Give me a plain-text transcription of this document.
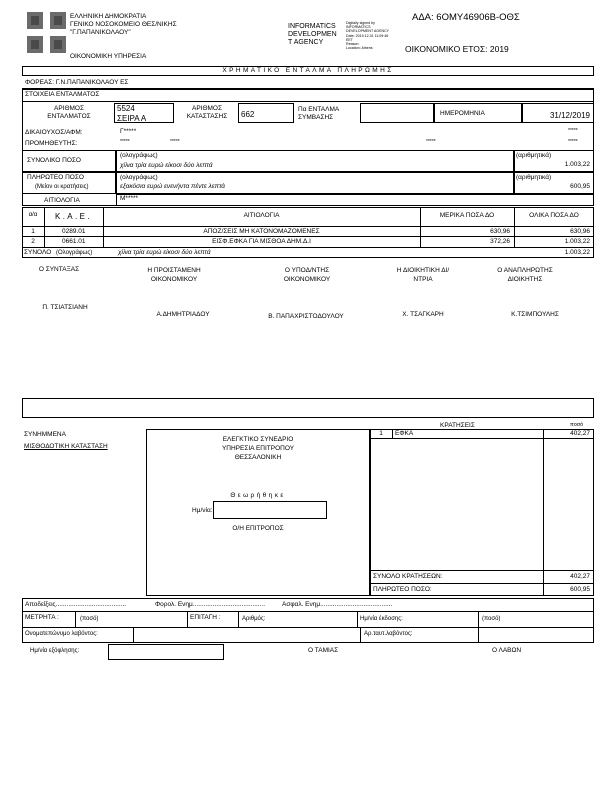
ΕΛΛΗΝΙΚΗ ΔΗΜΟΚΡΑΤΙΑ
ΓΕΝΙΚΟ ΝΟΣΟΚΟΜΕΙΟ ΘΕΣ/ΝΙΚΗΣ
"Γ.ΠΑΠΑΝΙΚΟΛΑΟΥ"
ΟΙΚΟΝΟΜΙΚΗ ΥΠΗΡΕΣΙΑ
INFORMATICS
DEVELOPMEN
T AGENCY
Digitally signed by
INFORMATICS
DEVELOPMENT AGENCY
Date: 2019.12.31 11:09:46
EET
Reason:
Location: Athens
ΑΔΑ: 6ΟΜΥ46906Β-ΟΘΣ
ΟΙΚΟΝΟΜΙΚΟ ΕΤΟΣ: 2019
ΧΡΗΜΑΤΙΚΟ ΕΝΤΑΛΜΑ ΠΛΗΡΩΜΗΣ
ΦΟΡΕΑΣ: Γ.Ν.ΠΑΠΑΝΙΚΟΛΑΟΥ ΕΣ
ΣΤΟΙΧΕΙΑ ΕΝΤΑΛΜΑΤΟΣ
ΑΡΙΘΜΟΣ ΕΝΤΑΛΜΑΤΟΣ
5524
ΣΕΙΡΑ Α
ΑΡΙΘΜΟΣ ΚΑΤΑΣΤΑΣΗΣ	662
Πα ΕΝΤΑΛΜΑ ΣΥΜΒΑΣΗΣ
ΗΜΕΡΟΜΗΝΙΑ	31/12/2019
ΔΙΚΑΙΟΥΧΟΣ/ΑΦΜ:	Γ*****	*****
ΠΡΟΜΗΘΕΥΤΗΣ:	*****	*****	*****	*****
ΣΥΝΟΛΙΚΟ ΠΟΣΟ
(ολογράφως)
χίλια τρία ευρώ είκοσι δύο λεπτά
(αριθμητικά)
1.003,22
ΠΛΗΡΩΤΕΟ ΠΟΣΟ
(Μείον οι κρατήσεις)
(ολογράφως)
εξακόσια ευρώ ενενήντα πέντε λεπτά
(αριθμητικά)
600,95
ΑΙΤΙΟΛΟΓΙΑ	Μ*****
α/α	Κ.Α.Ε.	ΑΙΤΙΟΛΟΓΙΑ	ΜΕΡΙΚΑ ΠΟΣΑ ΔΟ	ΟΛΙΚΑ ΠΟΣΑ ΔΟ
1	0289.01	ΑΠΟΖ/ΣΕΙΣ ΜΗ ΚΑΤΟΝΟΜΑΖΟΜΕΝΕΣ	630,96	630,96
2	0661.01	ΕΙΣΦ.ΕΦΚΑ ΓΙΑ ΜΙΣΘΟΑ ΔΗΜ.Δ.Ι	372,26	1.003,22
ΣΥΝΟΛΟ (Ολογράφως)	χίλια τρία ευρώ είκοσι δύο λεπτά	1.003,22
Ο ΣΥΝΤΑΞΑΣ	Η ΠΡΟΙΣΤΑΜΕΝΗ ΟΙΚΟΝΟΜΙΚΟΥ
Ο ΥΠΟΔ/ΝΤΗΣ ΟΙΚΟΝΟΜΙΚΟΥ
Η ΔΙΟΙΚΗΤΙΚΗ ΔΙ/ΝΤΡΙΑ
Ο ΑΝΑΠΛΗΡΩΤΗΣ ΔΙΟΙΚΗΤΗΣ
Π. ΤΣΙΑΤΣΙΑΝΗ
Α.ΔΗΜΗΤΡΙΑΔΟΥ	Β. ΠΑΠΑΧΡΙΣΤΟΔΟΥΛΟΥ	Χ. ΤΣΑΓΚΑΡΗ	Κ.ΤΣΙΜΠΟΥΛΗΣ
ΣΥΝΗΜΜΕΝΑ
ΜΙΣΘΟΔΟΤΙΚΗ ΚΑΤΑΣΤΑΣΗ
ΕΛΕΓΚΤΙΚΟ ΣΥΝΕΔΡΙΟ
ΥΠΗΡΕΣΙΑ ΕΠΙΤΡΟΠΟΥ
ΘΕΣΣΑΛΟΝΙΚΗ
Θεωρήθηκε
Ημ/νία:
Ο/Η ΕΠΙΤΡΟΠΟΣ
ΚΡΑΤΗΣΕΙΣ	ποσό
1	ΕΦΚΑ	402,27
ΣΥΝΟΛΟ ΚΡΑΤΗΣΕΩΝ:	402,27
ΠΛΗΡΩΤΕΟ ΠΟΣΟ:	600,95
Αποδείξεις.......................................	Φορολ. Ενημ........................................	Ασφαλ. Ενημ........................................
ΜΕΤΡΗΤΑ :	(ποσό)	ΕΠΙΤΑΓΗ :	Αριθμός:	Ημ/νία έκδοσης:	(ποσό)
Ονοματεπώνυμο λαβόντος:	Αρ.ταυτ.λαβόντος:
Ημ/νία εξόφλησης:	Ο ΤΑΜΙΑΣ	Ο ΛΑΒΩΝ
